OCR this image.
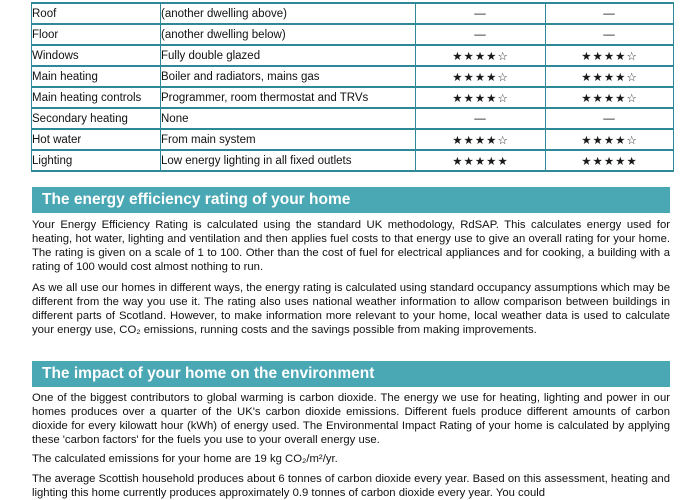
Roof	(another dwelling above)	—	—
Floor	(another dwelling below)	—	—
Windows	Fully double glazed	★★★★☆	★★★★☆
Main heating	Boiler and radiators, mains gas	★★★★☆	★★★★☆
Main heating controls	Programmer, room thermostat and TRVs	★★★★☆	★★★★☆
Secondary heating	None	—	—
Hot water	From main system	★★★★☆	★★★★☆
Lighting	Low energy lighting in all fixed outlets	★★★★★	★★★★★
The energy efficiency rating of your home

Your Energy Efficiency Rating is calculated using the standard UK methodology, RdSAP. This calculates energy used for heating, hot water, lighting and ventilation and then applies fuel costs to that energy use to give an overall rating for your home. The rating is given on a scale of 1 to 100. Other than the cost of fuel for electrical appliances and for cooking, a building with a rating of 100 would cost almost nothing to run.

As we all use our homes in different ways, the energy rating is calculated using standard occupancy assumptions which may be different from the way you use it. The rating also uses national weather information to allow comparison between buildings in different parts of Scotland. However, to make information more relevant to your home, local weather data is used to calculate your energy use, CO₂ emissions, running costs and the savings possible from making improvements.

The impact of your home on the environment

One of the biggest contributors to global warming is carbon dioxide. The energy we use for heating, lighting and power in our homes produces over a quarter of the UK's carbon dioxide emissions. Different fuels produce different amounts of carbon dioxide for every kilowatt hour (kWh) of energy used. The Environmental Impact Rating of your home is calculated by applying these 'carbon factors' for the fuels you use to your overall energy use.

The calculated emissions for your home are 19 kg CO₂/m²/yr.

The average Scottish household produces about 6 tonnes of carbon dioxide every year. Based on this assessment, heating and lighting this home currently produces approximately 0.9 tonnes of carbon dioxide every year. You could
